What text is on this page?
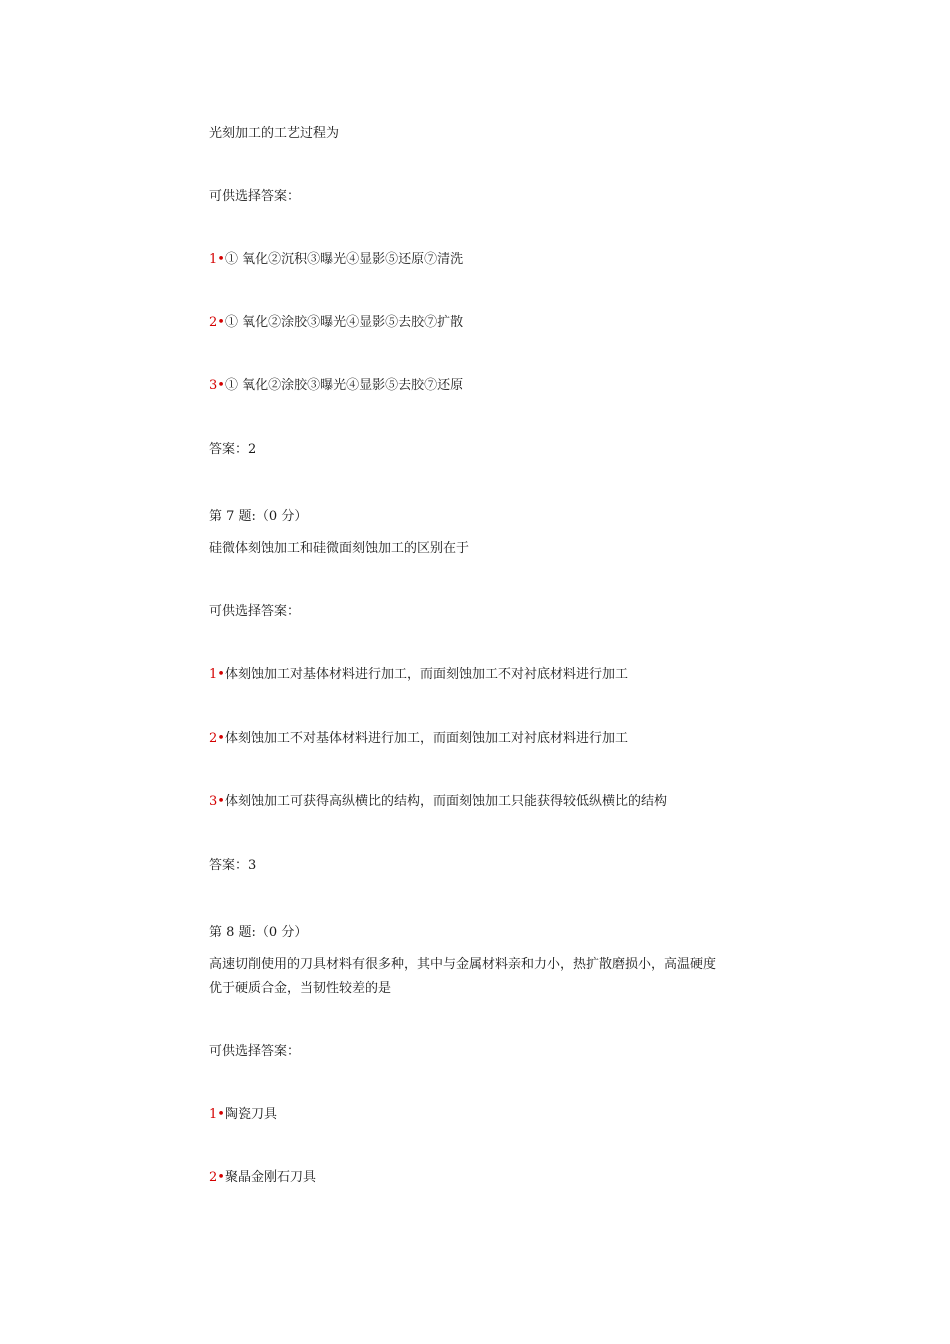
光刻加工的工艺过程为
可供选择答案：
1•① 氧化②沉积③曝光④显影⑤还原⑦清洗
2•① 氧化②涂胶③曝光④显影⑤去胶⑦扩散
3•① 氧化②涂胶③曝光④显影⑤去胶⑦还原
答案：2
第 7 题:（0 分）
硅微体刻蚀加工和硅微面刻蚀加工的区别在于
可供选择答案：
1•体刻蚀加工对基体材料进行加工，而面刻蚀加工不对衬底材料进行加工
2•体刻蚀加工不对基体材料进行加工，而面刻蚀加工对衬底材料进行加工
3•体刻蚀加工可获得高纵横比的结构，而面刻蚀加工只能获得较低纵横比的结构
答案：3
第 8 题:（0 分）
高速切削使用的刀具材料有很多种，其中与金属材料亲和力小，热扩散磨损小，高温硬度优于硬质合金，当韧性较差的是
可供选择答案：
1•陶瓷刀具
2•聚晶金刚石刀具
